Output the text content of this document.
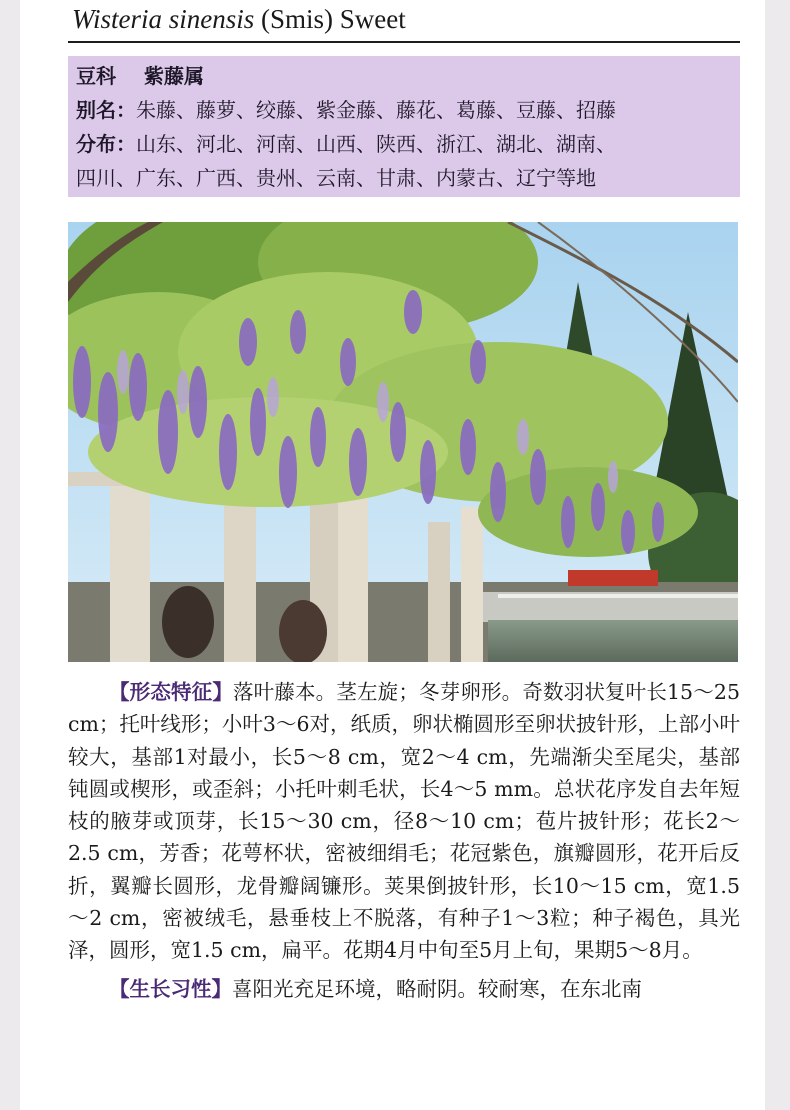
Wisteria sinensis (Smis) Sweet
豆科 紫藤属
别名：朱藤、藤萝、绞藤、紫金藤、藤花、葛藤、豆藤、招藤
分布：山东、河北、河南、山西、陕西、浙江、湖北、湖南、
四川、广东、广西、贵州、云南、甘肃、内蒙古、辽宁等地

【形态特征】落叶藤本。茎左旋；冬芽卵形。奇数羽状复叶长15～25 cm；托叶线形；小叶3～6对，纸质，卵状椭圆形至卵状披针形，上部小叶较大，基部1对最小，长5～8 cm，宽2～4 cm，先端渐尖至尾尖，基部钝圆或楔形，或歪斜；小托叶刺毛状，长4～5 mm。总状花序发自去年短枝的腋芽或顶芽，长15～30 cm，径8～10 cm；苞片披针形；花长2～2.5 cm，芳香；花萼杯状，密被细绢毛；花冠紫色，旗瓣圆形，花开后反折，翼瓣长圆形，龙骨瓣阔镰形。荚果倒披针形，长10～15 cm，宽1.5～2 cm，密被绒毛，悬垂枝上不脱落，有种子1～3粒；种子褐色，具光泽，圆形，宽1.5 cm，扁平。花期4月中旬至5月上旬，果期5～8月。

【生长习性】喜阳光充足环境，略耐阴。较耐寒，在东北南
